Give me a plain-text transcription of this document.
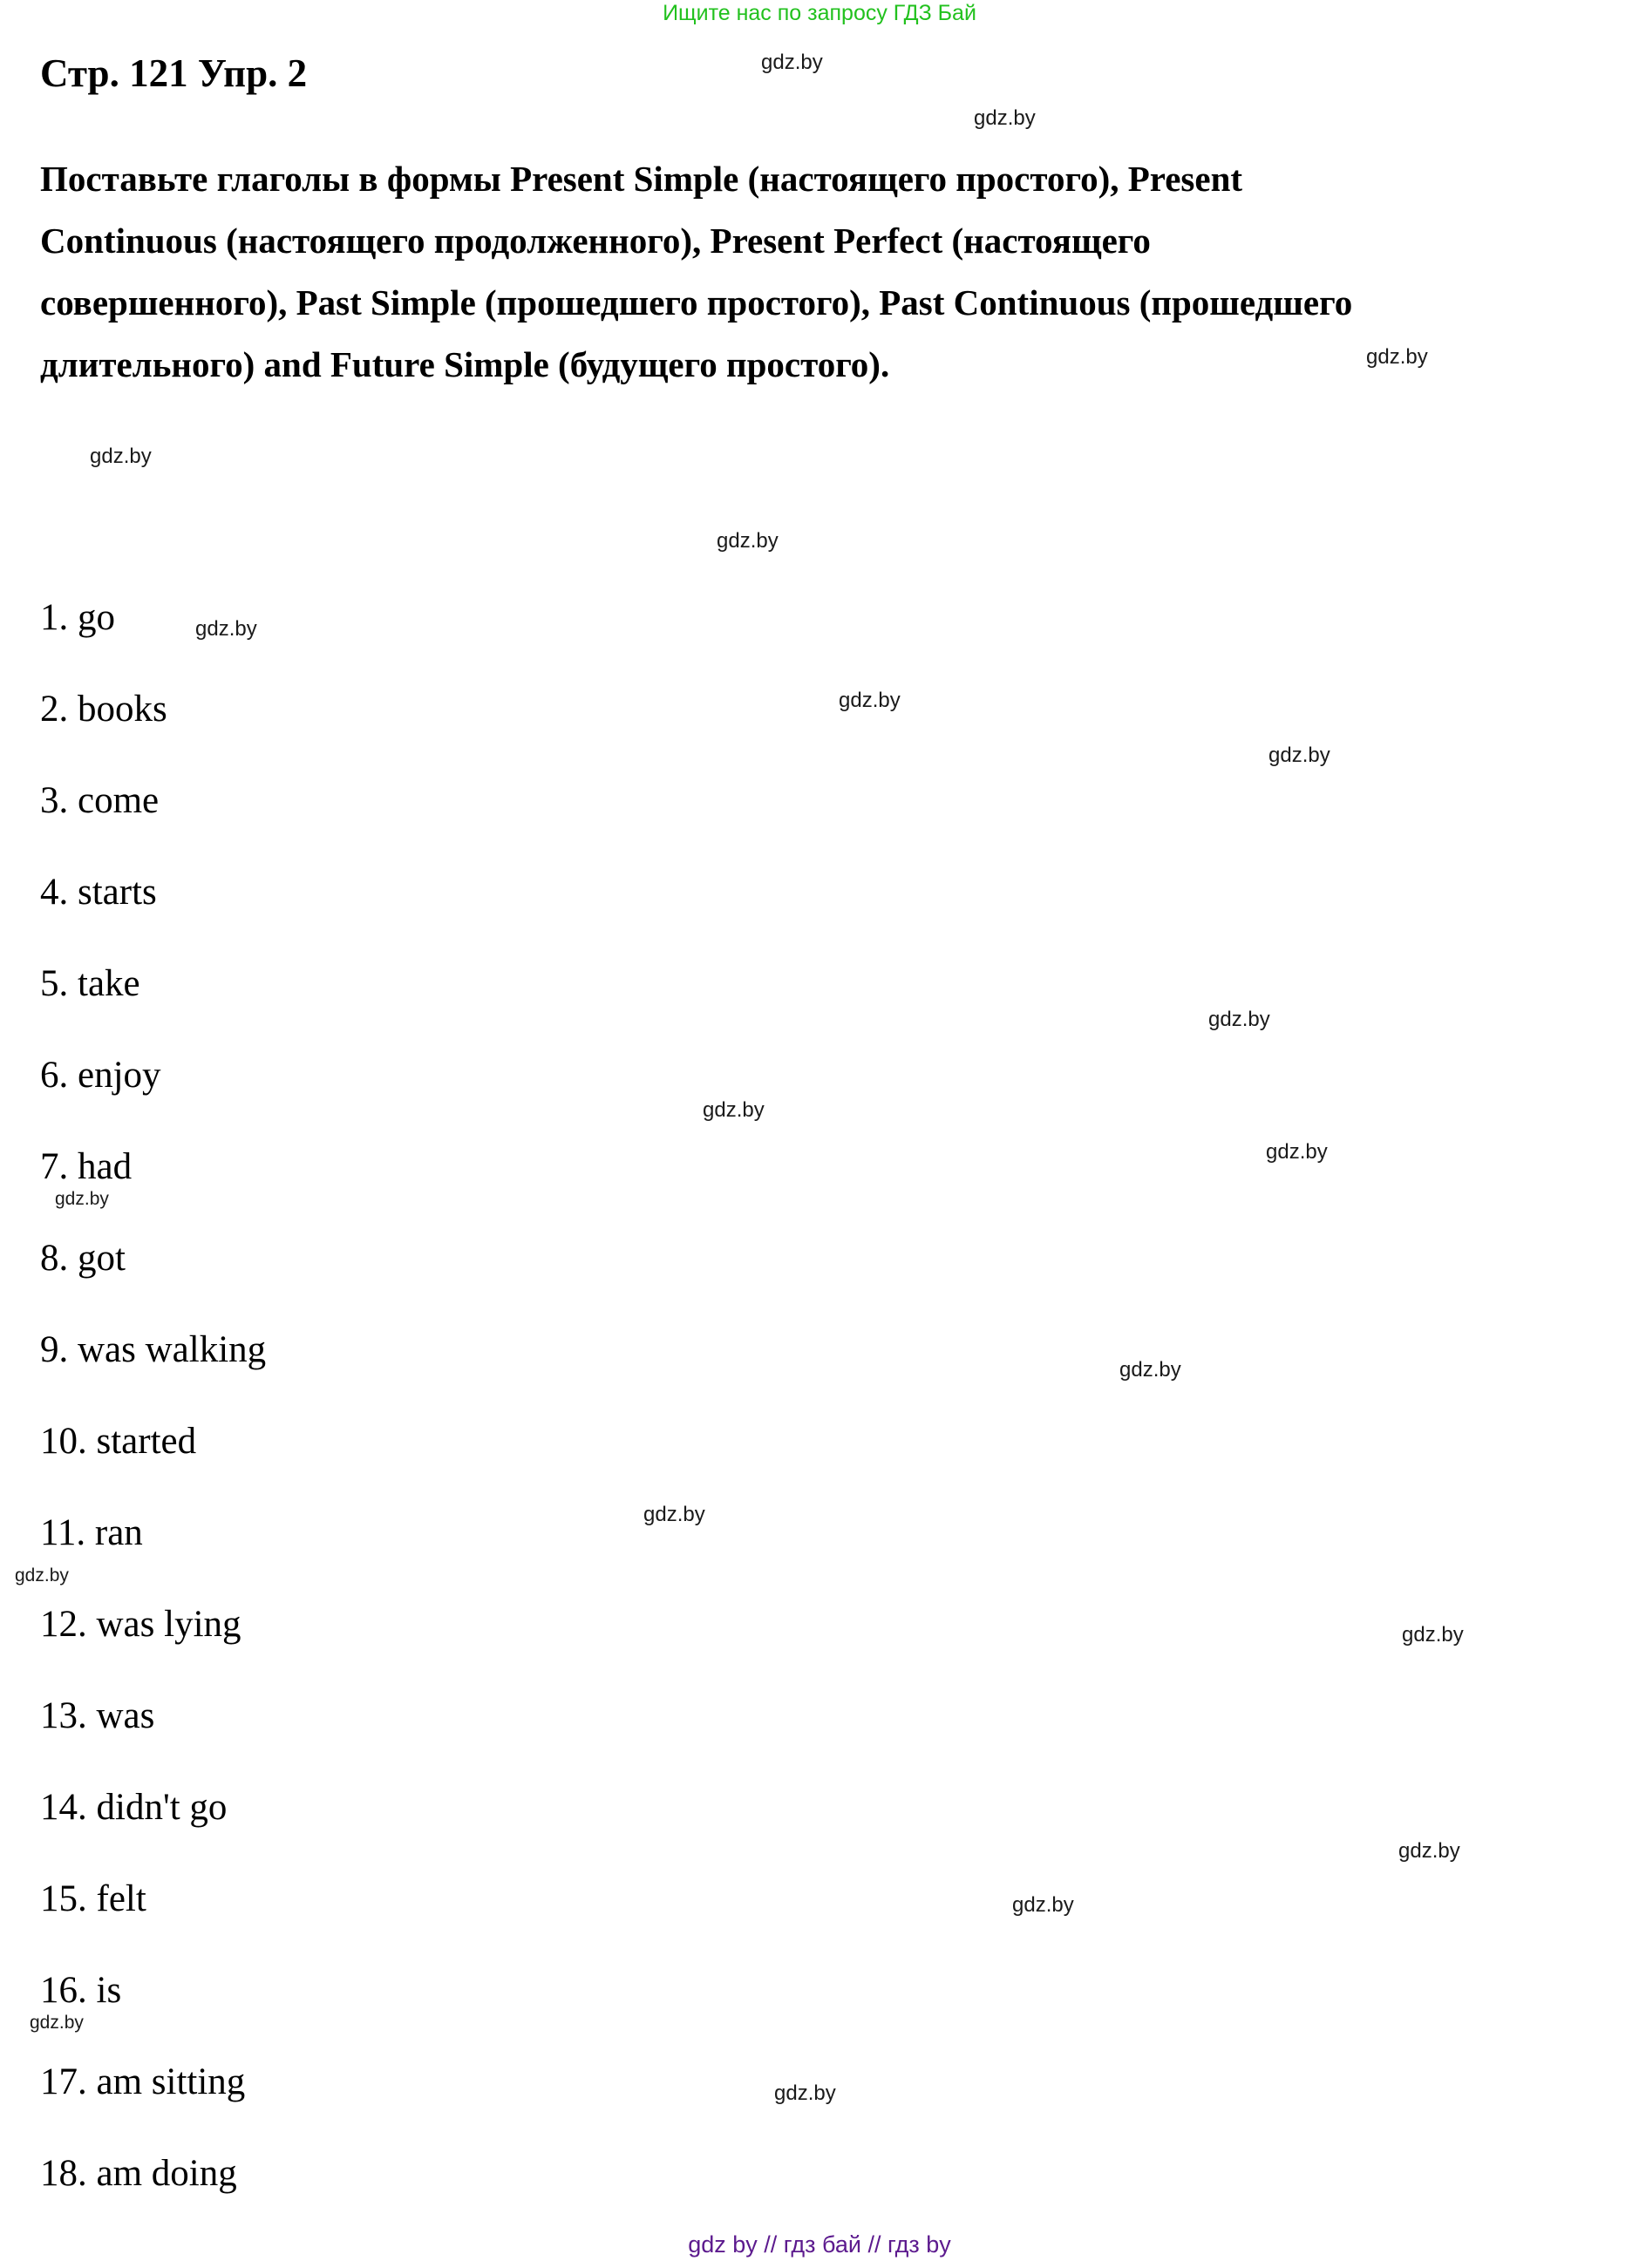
Ищите нас по запросу ГДЗ Бай
Стр. 121 Упр. 2
Поставьте глаголы в формы Present Simple (настоящего простого), Present Continuous (настоящего продолженного), Present Perfect (настоящего совершенного), Past Simple (прошедшего простого), Past Continuous (прошедшего длительного) and Future Simple (будущего простого).
1. go
2. books
3. come
4. starts
5. take
6. enjoy
7. had
8. got
9. was walking
10. started
11. ran
12. was lying
13. was
14. didn't go
15. felt
16. is
17. am sitting
18. am doing
gdz.by
gdz.by
gdz.by
gdz.by
gdz.by
gdz.by
gdz.by
gdz.by
gdz.by
gdz.by
gdz.by
gdz.by
gdz.by
gdz.by
gdz.by
gdz.by
gdz.by
gdz.by
gdz.by
gdz.by
gdz by // гдз бай // гдз by
